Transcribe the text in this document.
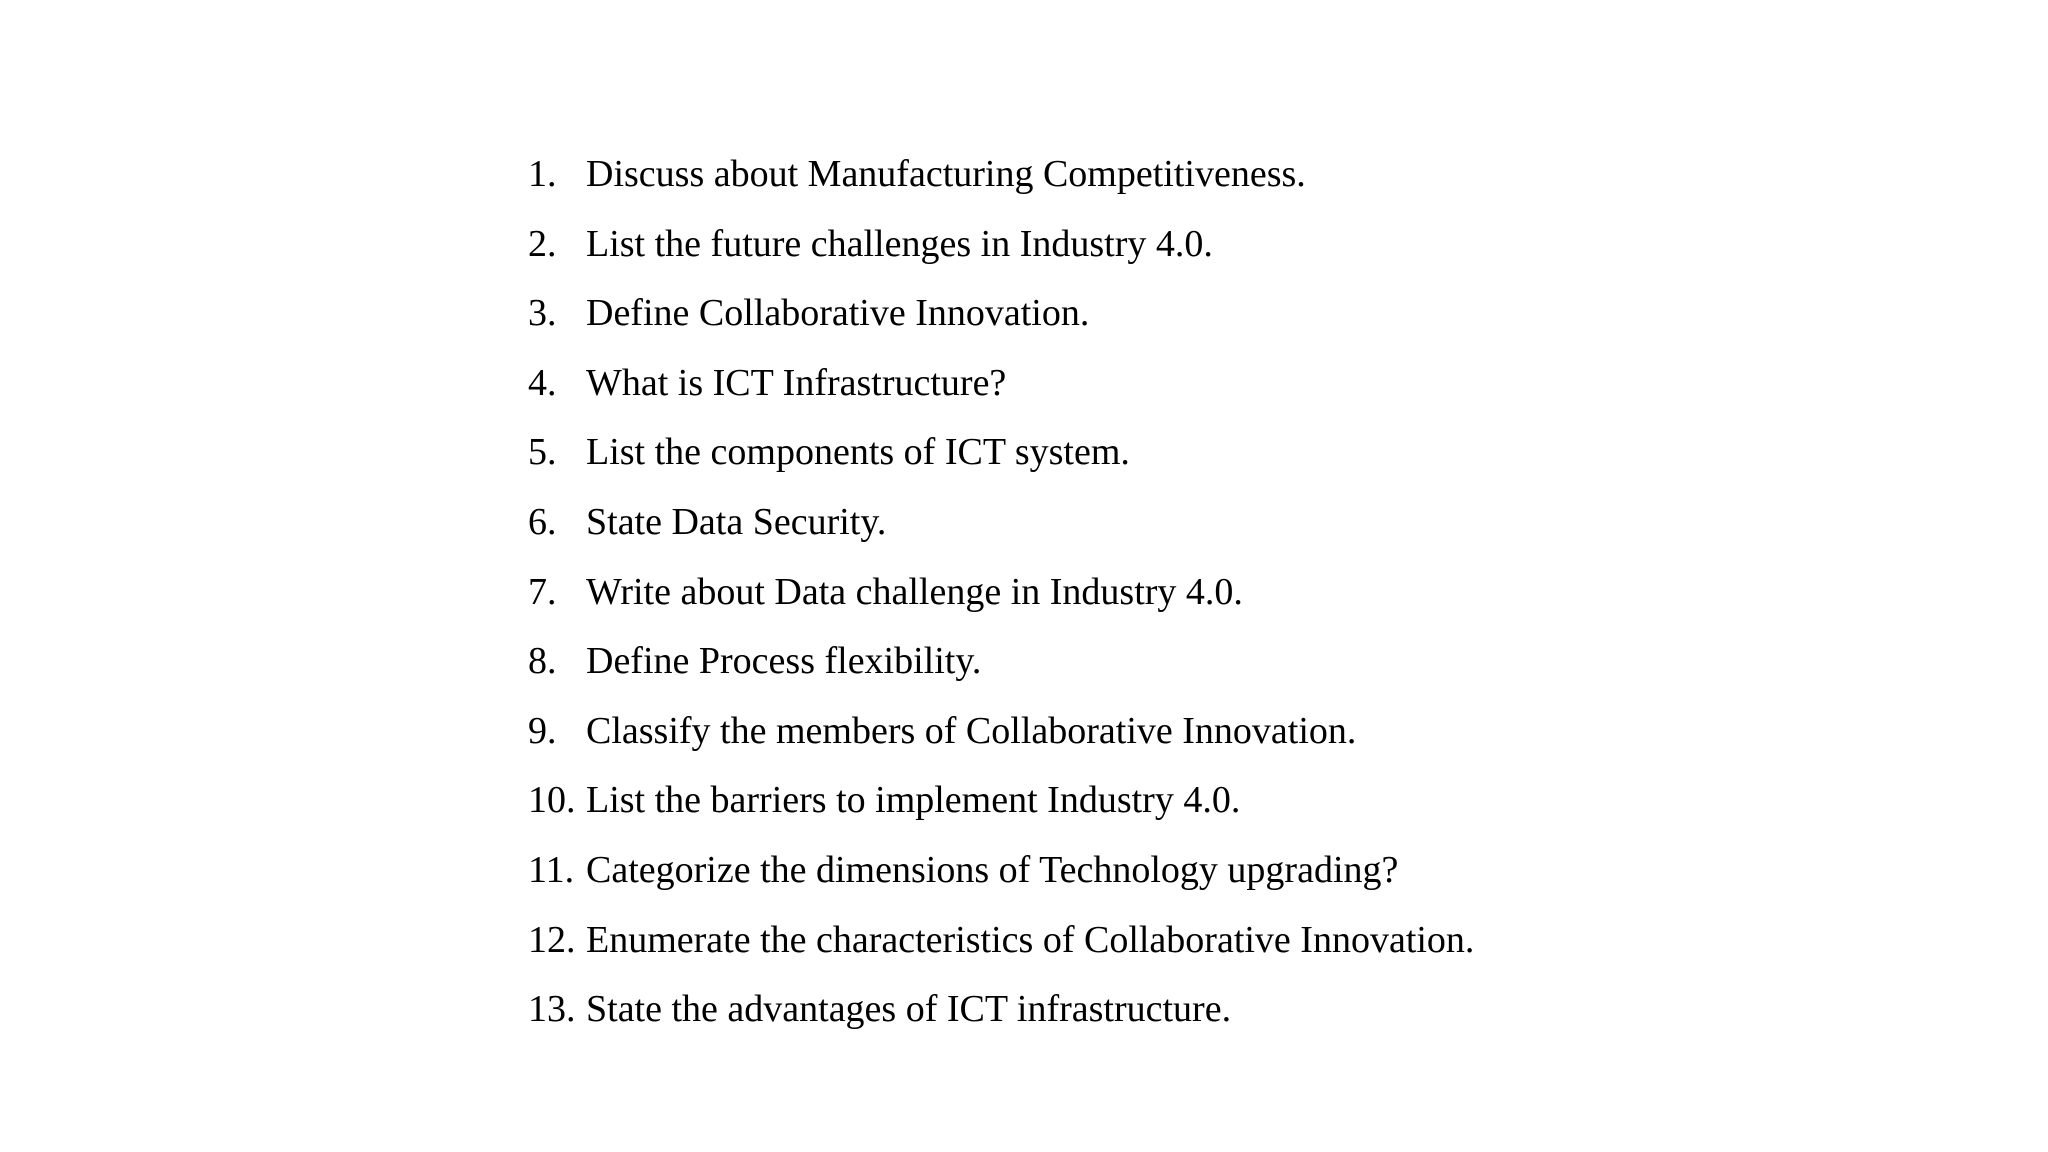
1. Discuss about Manufacturing Competitiveness.
2. List the future challenges in Industry 4.0.
3. Define Collaborative Innovation.
4. What is ICT Infrastructure?
5. List the components of ICT system.
6. State Data Security.
7. Write about Data challenge in Industry 4.0.
8. Define Process flexibility.
9. Classify the members of Collaborative Innovation.
10. List the barriers to implement Industry 4.0.
11. Categorize the dimensions of Technology upgrading?
12. Enumerate the characteristics of Collaborative Innovation.
13. State the advantages of ICT infrastructure.
